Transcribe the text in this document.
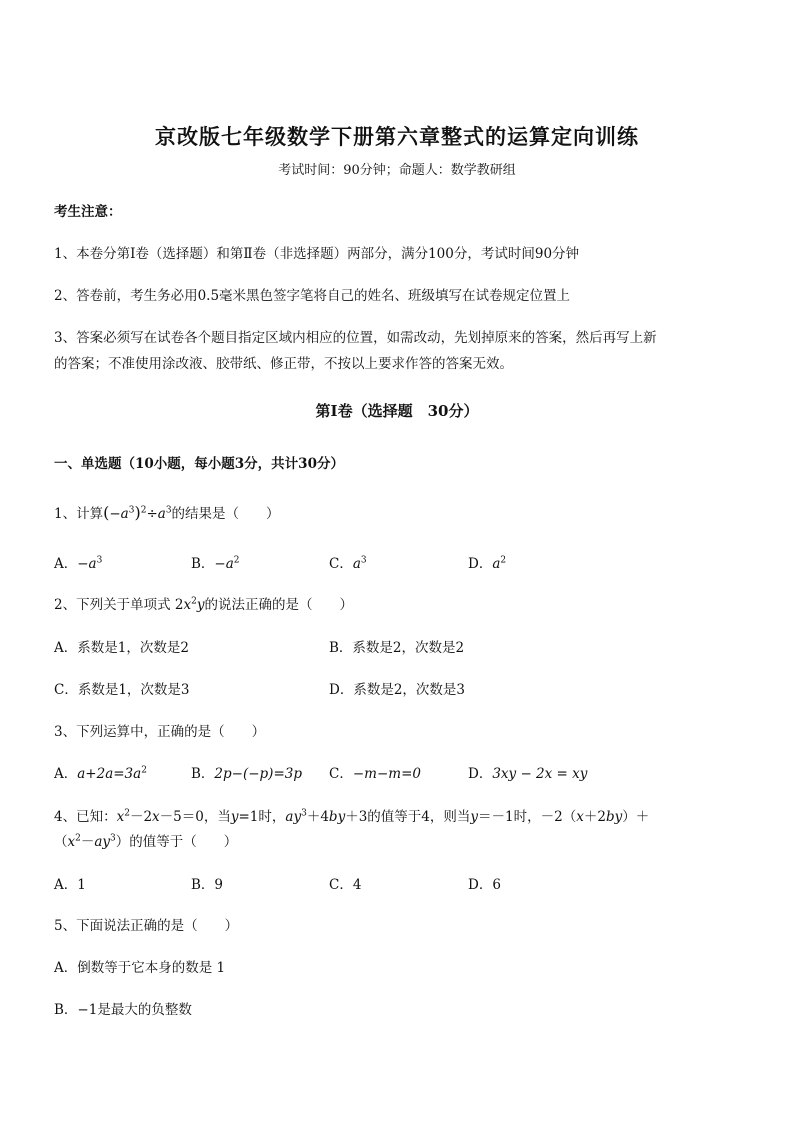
京改版七年级数学下册第六章整式的运算定向训练
考试时间：90分钟；命题人：数学教研组
考生注意：
1、本卷分第Ⅰ卷（选择题）和第Ⅱ卷（非选择题）两部分，满分100分，考试时间90分钟
2、答卷前，考生务必用0.5毫米黑色签字笔将自己的姓名、班级填写在试卷规定位置上
3、答案必须写在试卷各个题目指定区域内相应的位置，如需改动，先划掉原来的答案，然后再写上新
的答案；不准使用涂改液、胶带纸、修正带，不按以上要求作答的答案无效。
第Ⅰ卷（选择题　30分）
一、单选题（10小题，每小题3分，共计30分）
1、计算$(-a^3)^2\div a^3$的结果是（　　）
A．$-a^3$	B．$-a^2$	C．$a^3$	D．$a^2$
2、下列关于单项式 $2x^2y$的说法正确的是（　　）
A．系数是1，次数是2	B．系数是2，次数是2
C．系数是1，次数是3	D．系数是2，次数是3
3、下列运算中，正确的是（　　）
A．$a+2a=3a^2$	B．2p−(−p)=3p C．−m−m=0	D．3xy − 2x = xy
4、已知：$x^2-2x-5=0$，当y=1时，$ay^3+4by+3$的值等于4，则当y＝－1时，－2（x＋2by）＋
$(x^2-ay^3)$的值等于（　　）
A．1	B．9	C．4	D．6
5、下面说法正确的是（　　）
A．倒数等于它本身的数是 1
B．−1是最大的负整数
